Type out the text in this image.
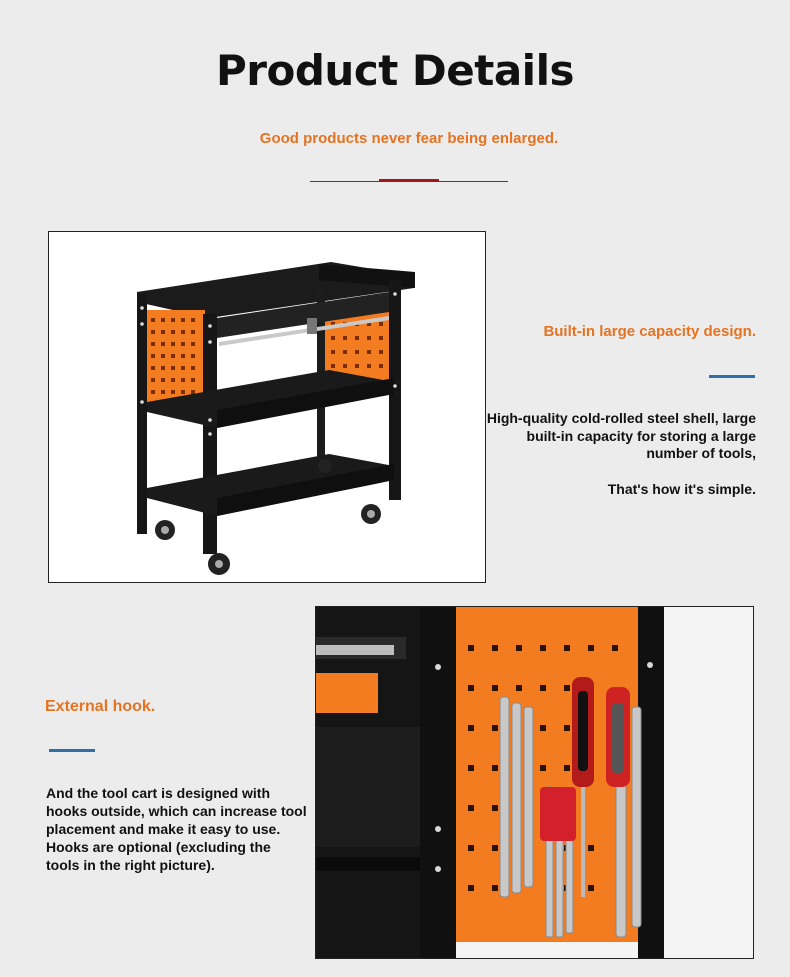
Product Details
Good products never fear being enlarged.
Built-in large capacity design.
High-quality cold-rolled steel shell, large built-in capacity for storing a large number of tools,
That's how it's simple.
External hook.
And the tool cart is designed with hooks outside, which can increase tool placement and make it easy to use. Hooks are optional (excluding the tools in the right picture).
